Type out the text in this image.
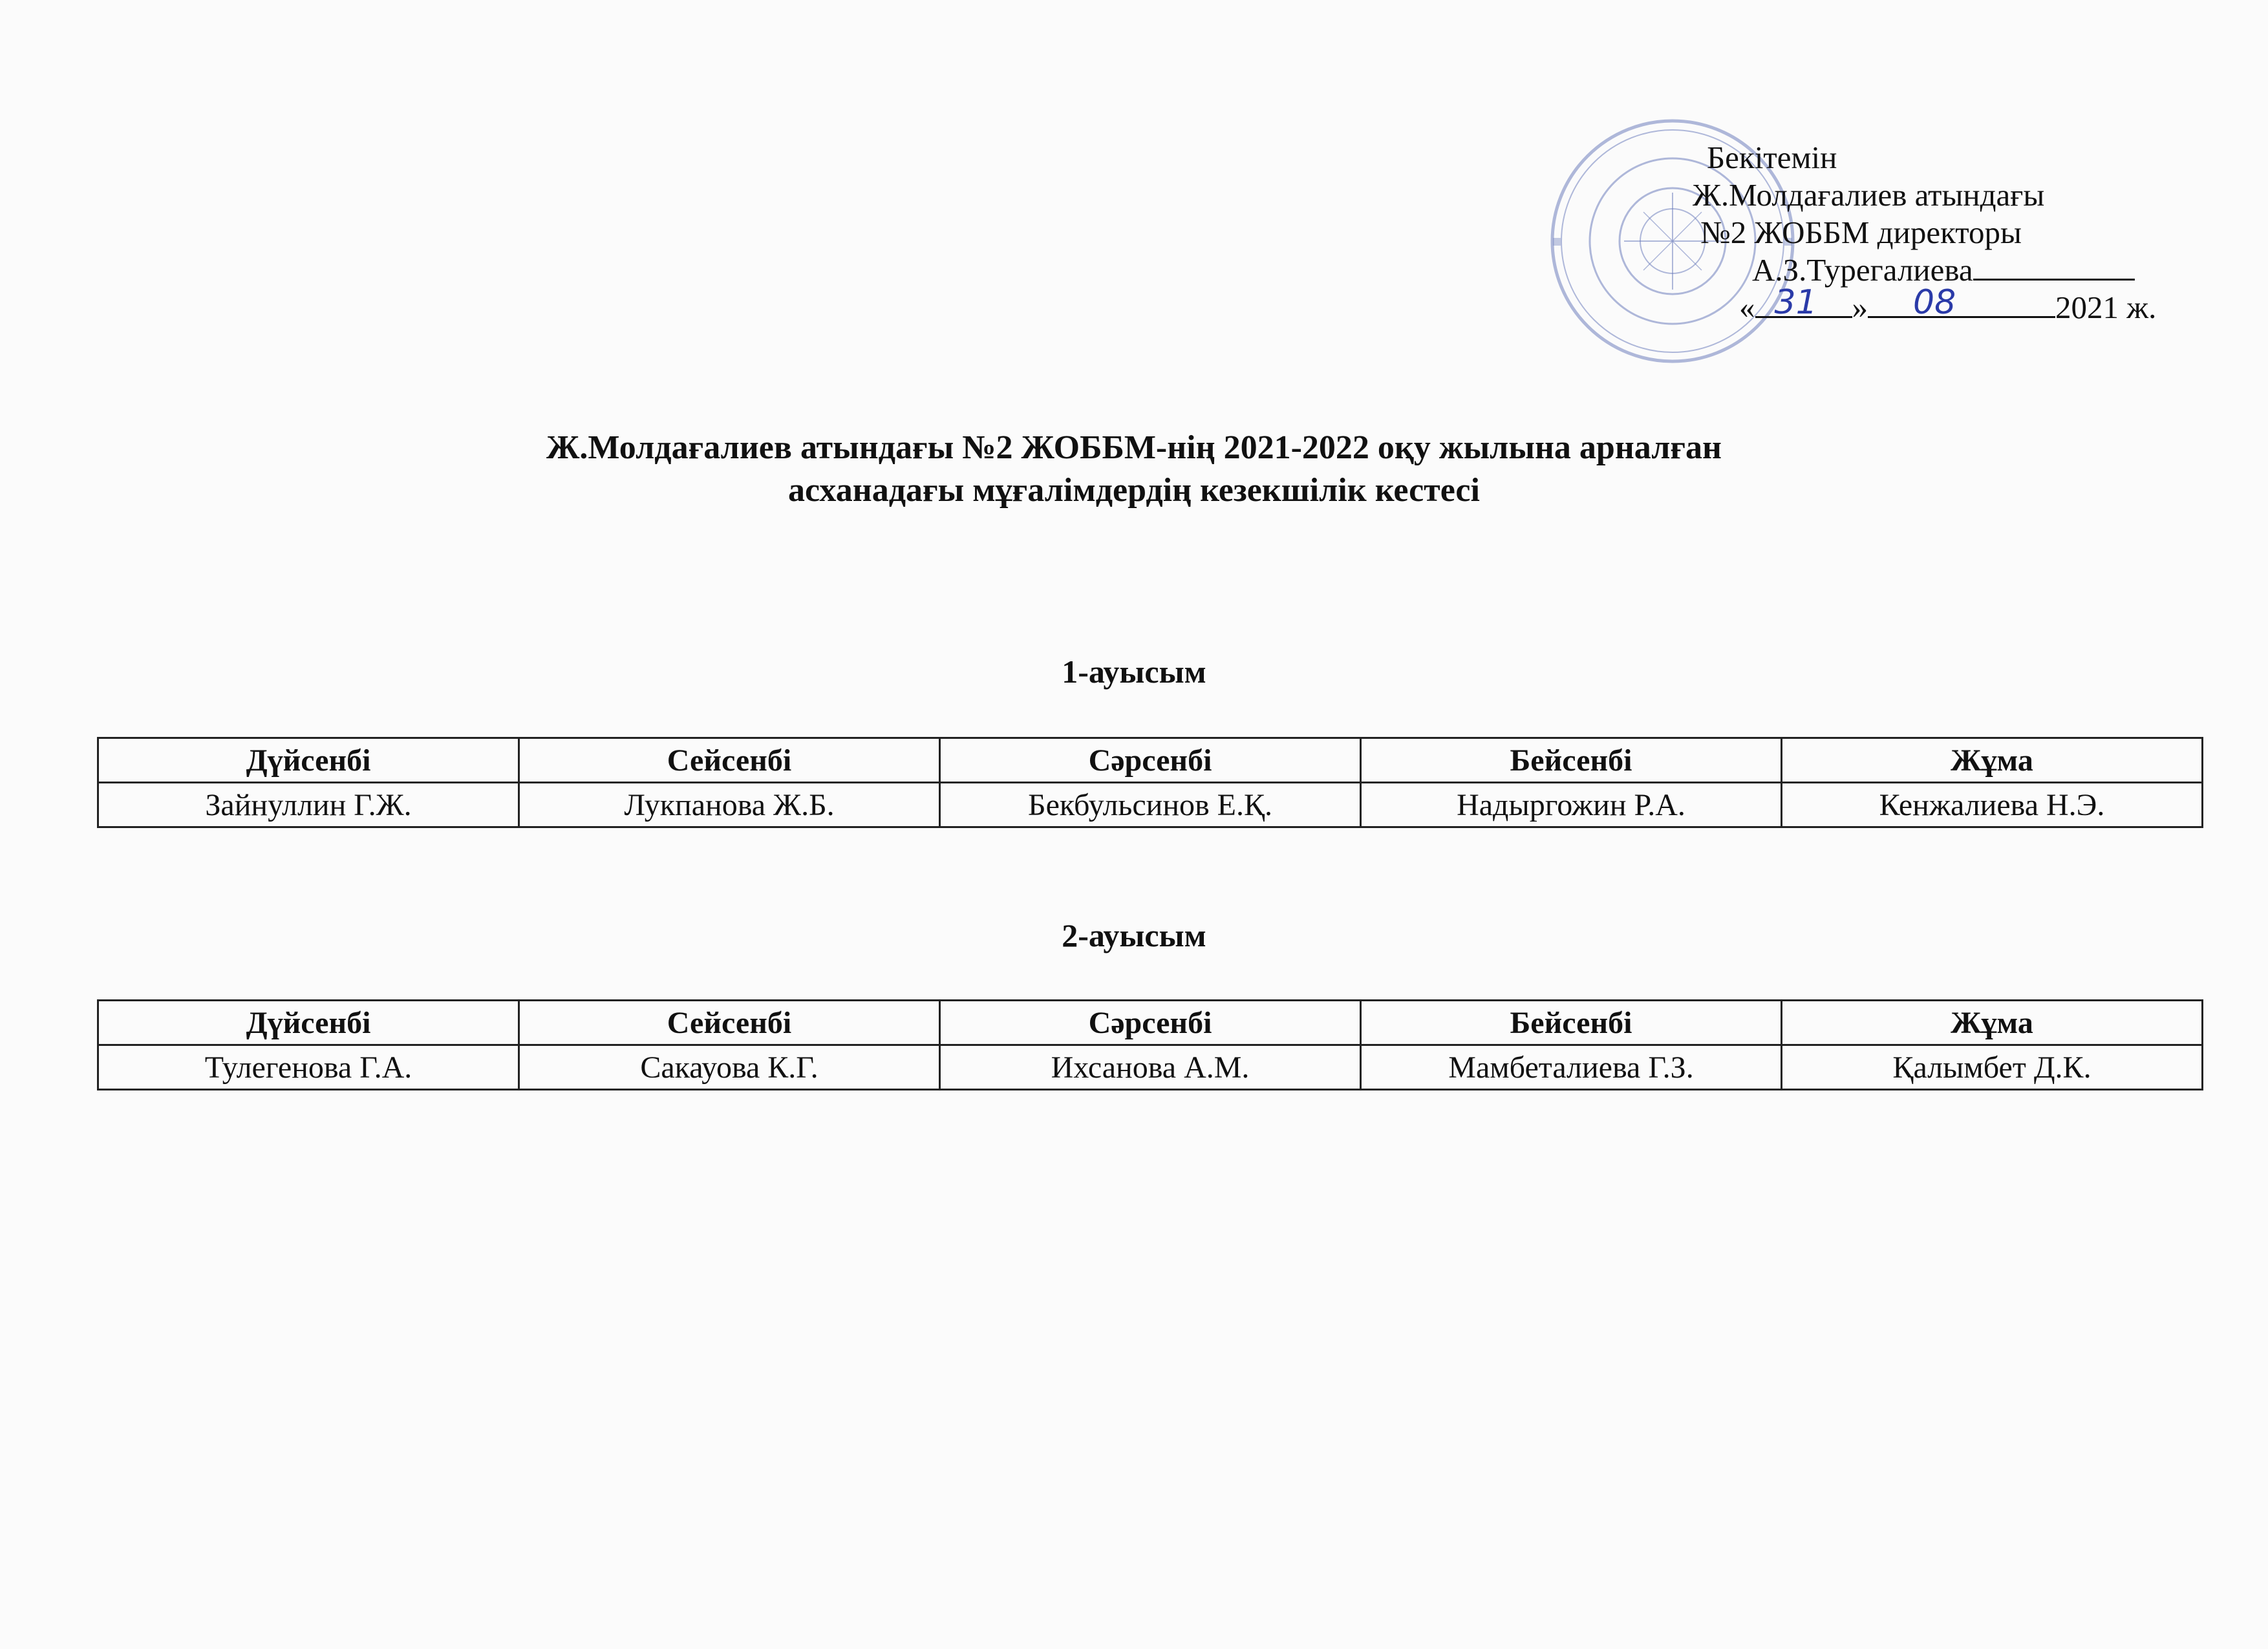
Бекітемін
Ж.Молдағалиев атындағы
№2 ЖОББМ директоры
А.З.Турегалиева
« 31 » 08	2021 ж.
Ж.Молдағалиев атындағы №2 ЖОББМ-нің 2021-2022 оқу жылына арналған
асханадағы мұғалімдердің кезекшілік кестесі
1-ауысым
Дүйсенбі	Сейсенбі	Сәрсенбі	Бейсенбі	Жұма
Зайнуллин Г.Ж.	Лукпанова Ж.Б.	Бекбульсинов Е.Қ.	Надыргожин Р.А.	Кенжалиева Н.Э.
2-ауысым
Дүйсенбі	Сейсенбі	Сәрсенбі	Бейсенбі	Жұма
Тулегенова Г.А.	Сакауова К.Г.	Ихсанова А.М.	Мамбеталиева Г.З.	Қалымбет Д.К.
